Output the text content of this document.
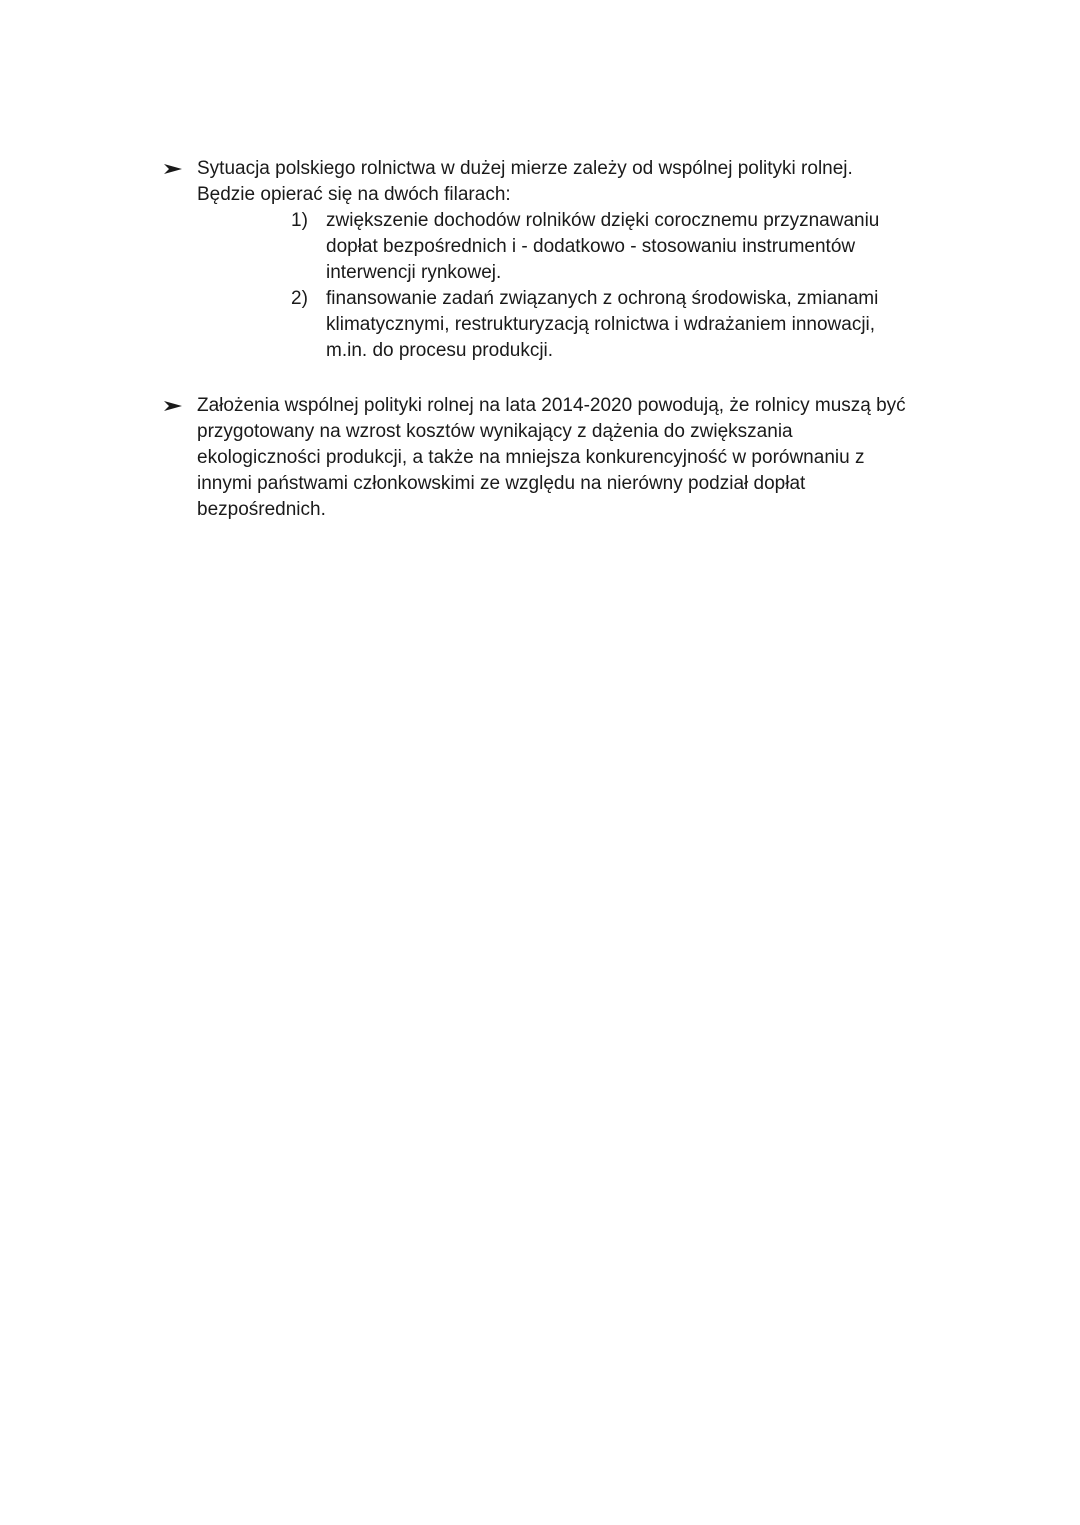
Sytuacja polskiego rolnictwa w dużej mierze zależy od wspólnej polityki rolnej.
Będzie opierać się na dwóch filarach:
1) zwiększenie dochodów rolników dzięki corocznemu przyznawaniu
dopłat bezpośrednich i - dodatkowo - stosowaniu instrumentów
interwencji rynkowej.
2) finansowanie zadań związanych z ochroną środowiska, zmianami
klimatycznymi, restrukturyzacją rolnictwa i wdrażaniem innowacji,
m.in. do procesu produkcji.
Założenia wspólnej polityki rolnej na lata 2014-2020 powodują, że rolnicy muszą być
przygotowany na wzrost kosztów wynikający z dążenia do zwiększania
ekologiczności produkcji, a także na mniejsza konkurencyjność w porównaniu z
innymi państwami członkowskimi ze względu na nierówny podział dopłat
bezpośrednich.
